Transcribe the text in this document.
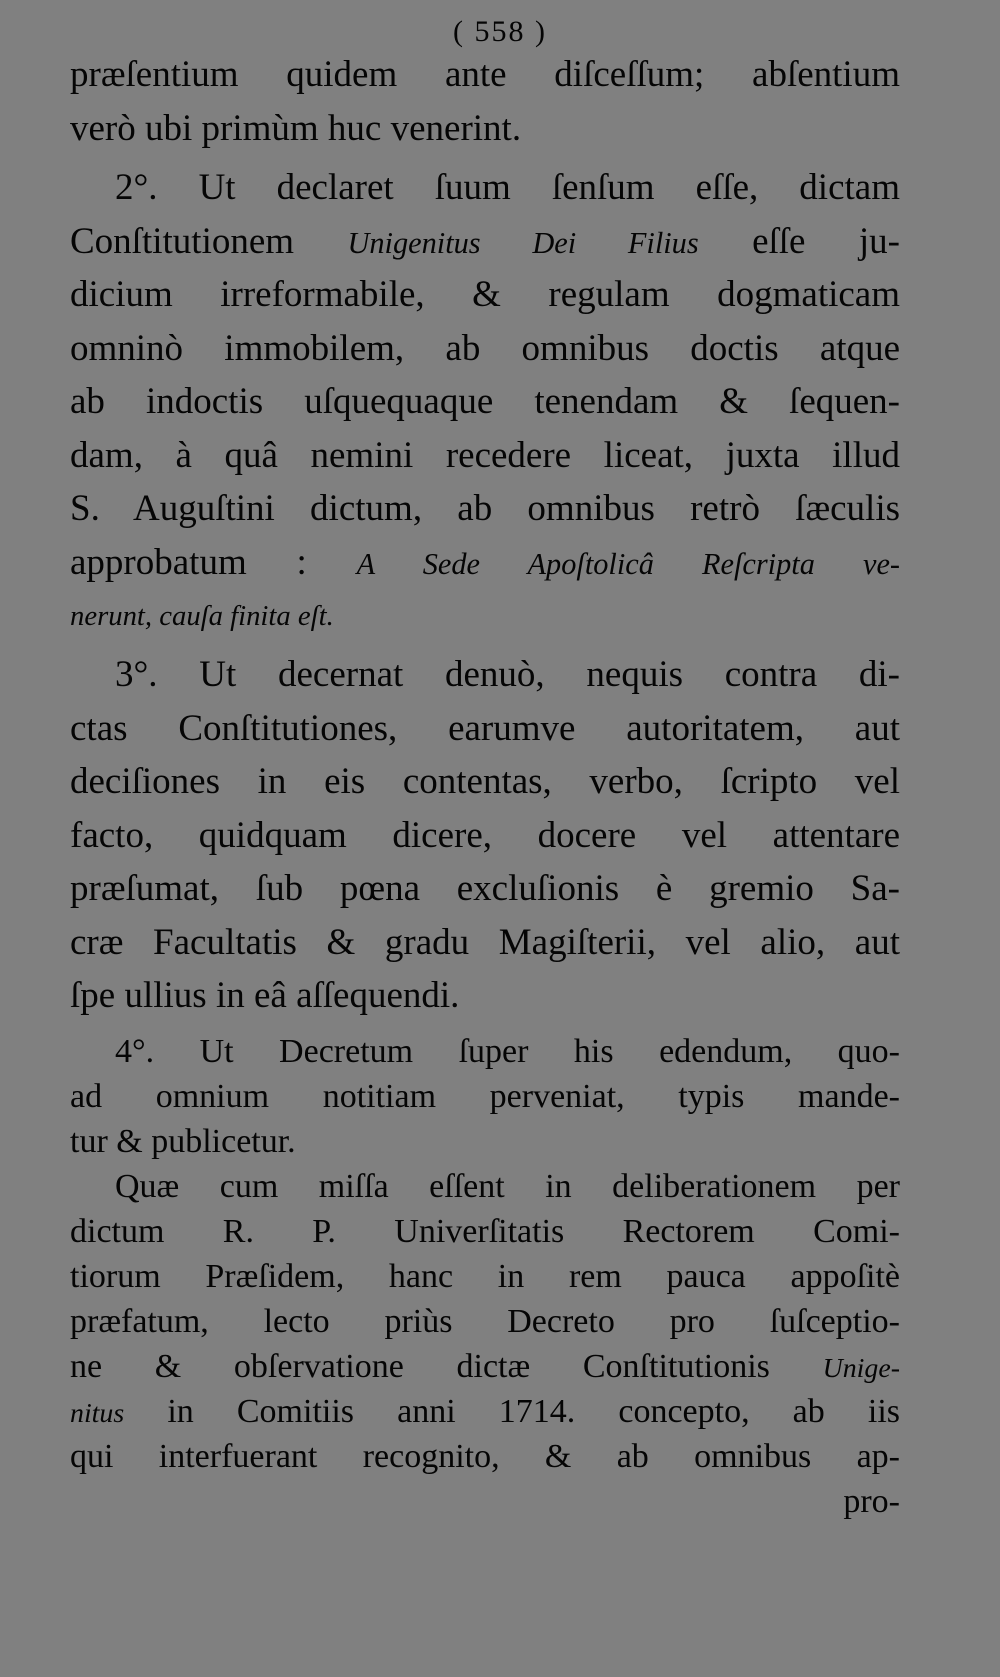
( 558 )
præſentium quidem ante diſceſſum; abſentium
verò ubi primùm huc venerint.
2°. Ut declaret ſuum ſenſum eſſe, dictam
Conſtitutionem Unigenitus Dei Filius eſſe ju-
dicium irreformabile, & regulam dogmaticam
omninò immobilem, ab omnibus doctis atque
ab indoctis uſquequaque tenendam & ſequen-
dam, à quâ nemini recedere liceat, juxta illud
S. Auguſtini dictum, ab omnibus retrò ſæculis
approbatum : A Sede Apoſtolicâ Reſcripta ve-
nerunt, cauſa finita eſt.
3°. Ut decernat denuò, nequis contra di-
ctas Conſtitutiones, earumve autoritatem, aut
deciſiones in eis contentas, verbo, ſcripto vel
facto, quidquam dicere, docere vel attentare
præſumat, ſub pœna excluſionis è gremio Sa-
cræ Facultatis & gradu Magiſterii, vel alio, aut
ſpe ullius in eâ aſſequendi.
4°. Ut Decretum ſuper his edendum, quo-
ad omnium notitiam perveniat, typis mande-
tur & publicetur.
Quæ cum miſſa eſſent in deliberationem per
dictum R. P. Univerſitatis Rectorem Comi-
tiorum Præſidem, hanc in rem pauca appoſitè
præfatum, lecto priùs Decreto pro ſuſceptio-
ne & obſervatione dictæ Conſtitutionis Unige-
nitus in Comitiis anni 1714. concepto, ab iis
qui interfuerant recognito, & ab omnibus ap-
pro-
